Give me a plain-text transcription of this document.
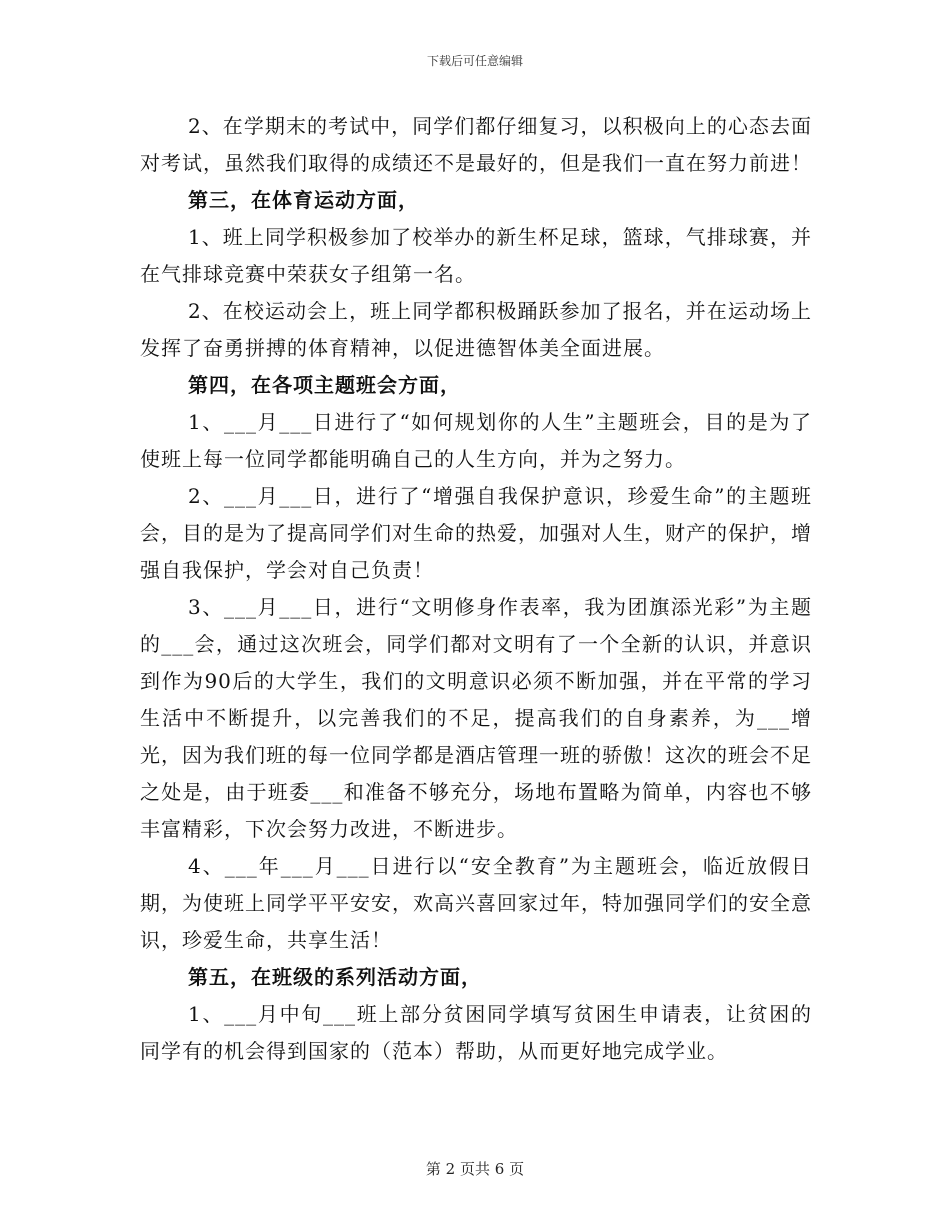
下载后可任意编辑

2、在学期末的考试中，同学们都仔细复习，以积极向上的心态去面对考试，虽然我们取得的成绩还不是最好的，但是我们一直在努力前进！

第三，在体育运动方面，

1、班上同学积极参加了校举办的新生杯足球，篮球，气排球赛，并在气排球竞赛中荣获女子组第一名。

2、在校运动会上，班上同学都积极踊跃参加了报名，并在运动场上发挥了奋勇拼搏的体育精神，以促进德智体美全面进展。

第四，在各项主题班会方面，

1、___月___日进行了“如何规划你的人生”主题班会，目的是为了使班上每一位同学都能明确自己的人生方向，并为之努力。

2、___月___日，进行了“增强自我保护意识，珍爱生命”的主题班会，目的是为了提高同学们对生命的热爱，加强对人生，财产的保护，增强自我保护，学会对自己负责！

3、___月___日，进行“文明修身作表率，我为团旗添光彩”为主题的___会，通过这次班会，同学们都对文明有了一个全新的认识，并意识到作为90后的大学生，我们的文明意识必须不断加强，并在平常的学习生活中不断提升，以完善我们的不足，提高我们的自身素养，为___增光，因为我们班的每一位同学都是酒店管理一班的骄傲！这次的班会不足之处是，由于班委___和准备不够充分，场地布置略为简单，内容也不够丰富精彩，下次会努力改进，不断进步。

4、___年___月___日进行以“安全教育”为主题班会，临近放假日期，为使班上同学平平安安，欢高兴喜回家过年，特加强同学们的安全意识，珍爱生命，共享生活！

第五，在班级的系列活动方面，

1、___月中旬___班上部分贫困同学填写贫困生申请表，让贫困的同学有的机会得到国家的（范本）帮助，从而更好地完成学业。

第 2 页共 6 页
